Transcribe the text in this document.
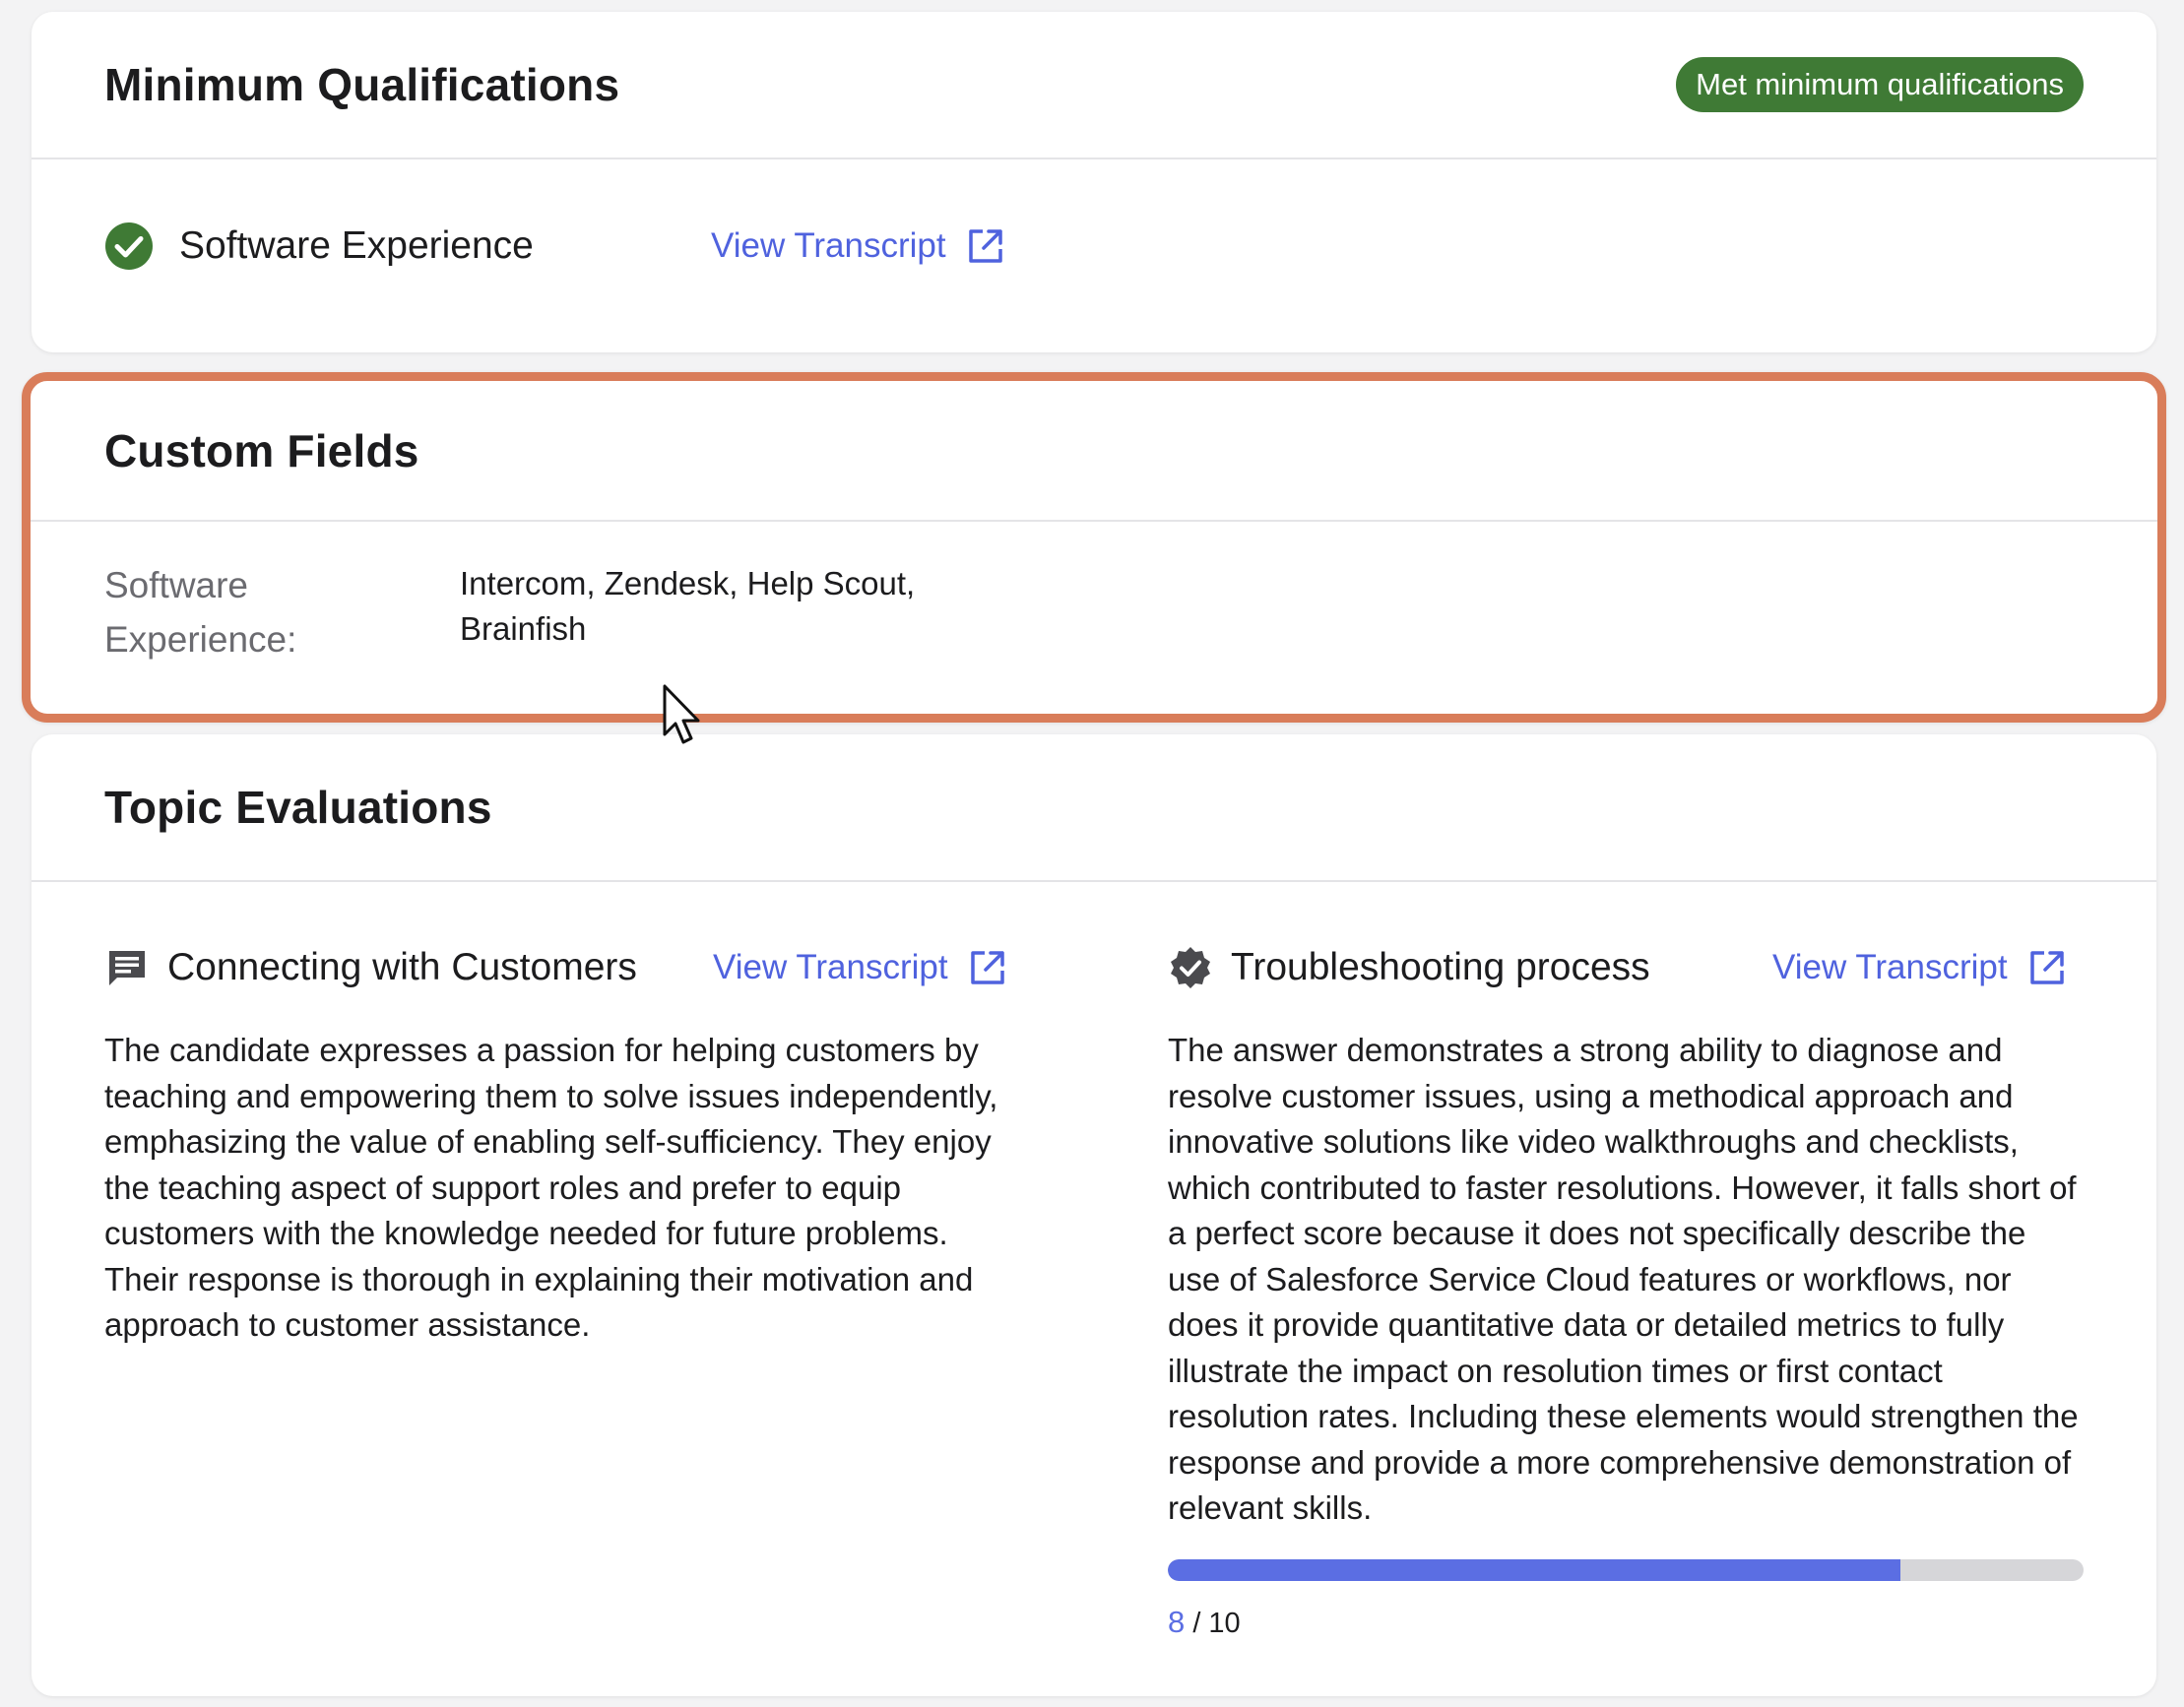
Minimum Qualifications	Met minimum qualifications
Software Experience	View Transcript
Custom Fields
Software Experience:
Intercom, Zendesk, Help Scout, Brainfish
Topic Evaluations
Connecting with Customers	View Transcript
The candidate expresses a passion for helping customers by teaching and empowering them to solve issues independently, emphasizing the value of enabling self-sufficiency. They enjoy the teaching aspect of support roles and prefer to equip customers with the knowledge needed for future problems. Their response is thorough in explaining their motivation and approach to customer assistance.
Troubleshooting process	View Transcript
The answer demonstrates a strong ability to diagnose and resolve customer issues, using a methodical approach and innovative solutions like video walkthroughs and checklists, which contributed to faster resolutions. However, it falls short of a perfect score because it does not specifically describe the use of Salesforce Service Cloud features or workflows, nor does it provide quantitative data or detailed metrics to fully illustrate the impact on resolution times or first contact resolution rates. Including these elements would strengthen the response and provide a more comprehensive demonstration of relevant skills.
8 / 10
